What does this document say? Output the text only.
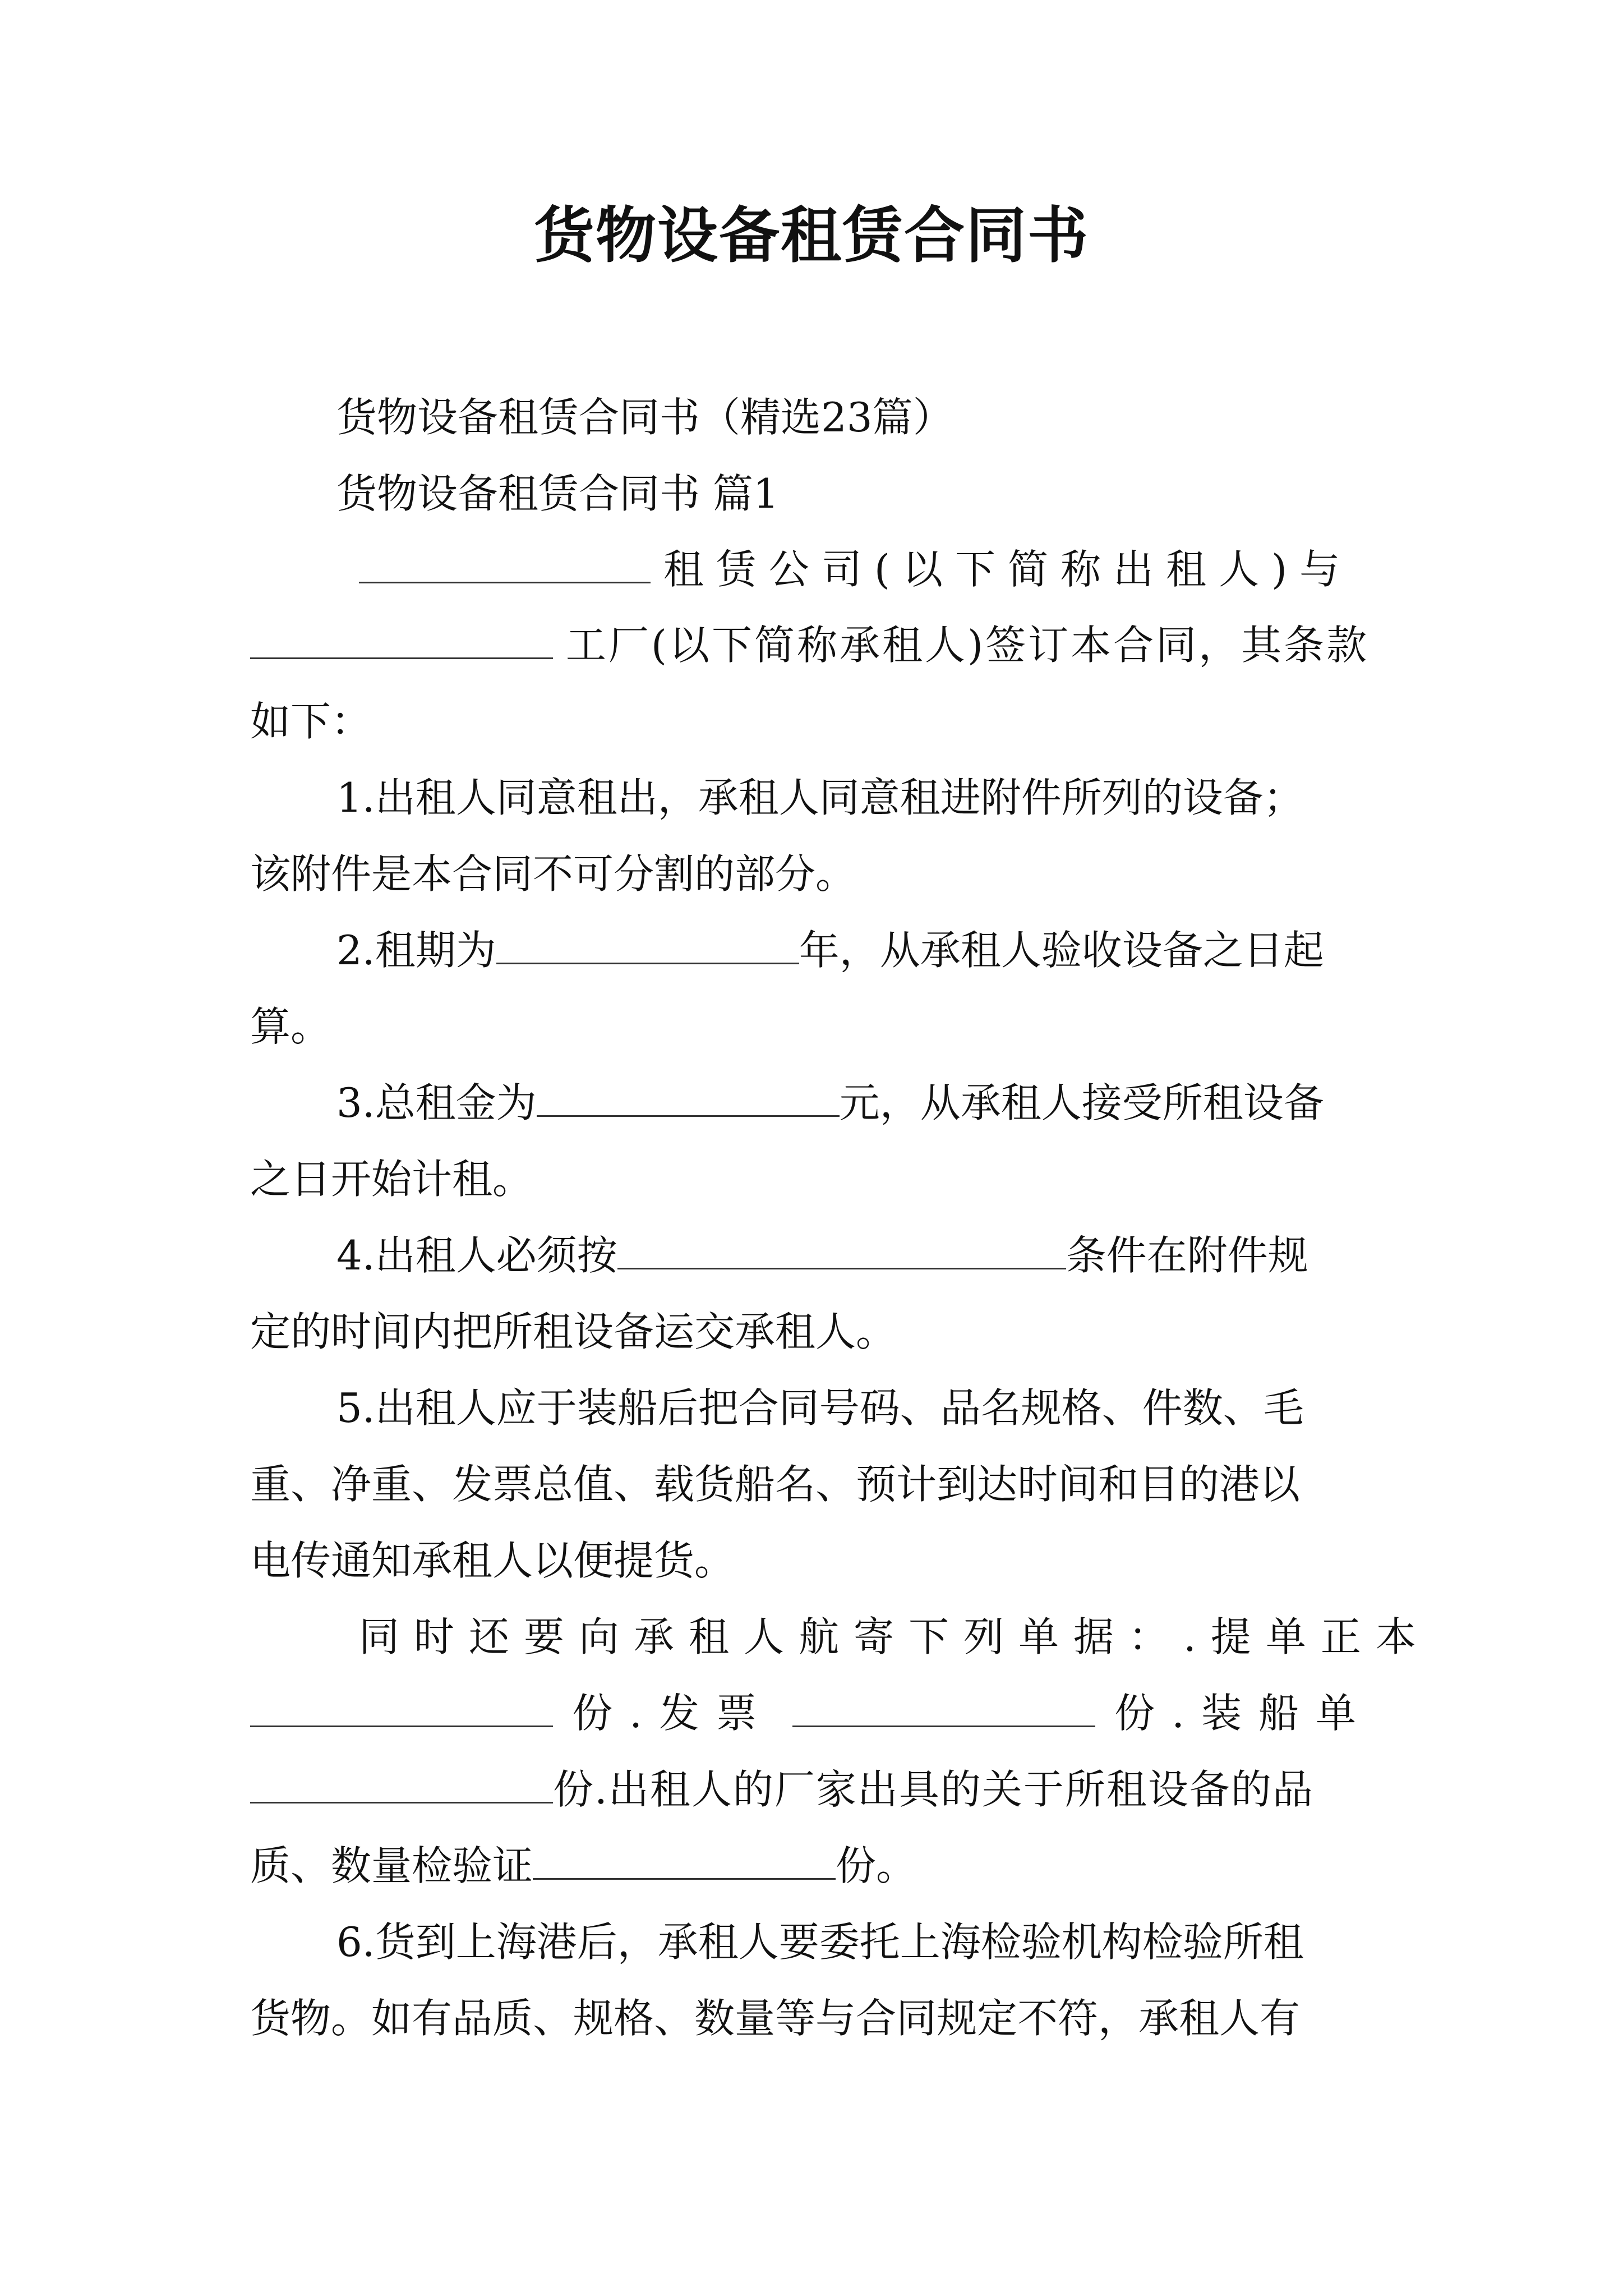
货物设备租赁合同书
货物设备租赁合同书（精选23篇）
货物设备租赁合同书 篇1
租赁公司(以下简称出租人)与
工厂(以下简称承租人)签订本合同，其条款
如下：
1.出租人同意租出，承租人同意租进附件所列的设备；
该附件是本合同不可分割的部分。
2.租期为	年，从承租人验收设备之日起
算。
3.总租金为	元，从承租人接受所租设备
之日开始计租。
4.出租人必须按	条件在附件规
定的时间内把所租设备运交承租人。
5.出租人应于装船后把合同号码、品名规格、件数、毛
重、净重、发票总值、载货船名、预计到达时间和目的港以
电传通知承租人以便提货。
同时还要向承租人航寄下列单据：.提单正本
份.发票	份.装船单
份.出租人的厂家出具的关于所租设备的品
质、数量检验证	份。
6.货到上海港后，承租人要委托上海检验机构检验所租
货物。如有品质、规格、数量等与合同规定不符，承租人有
